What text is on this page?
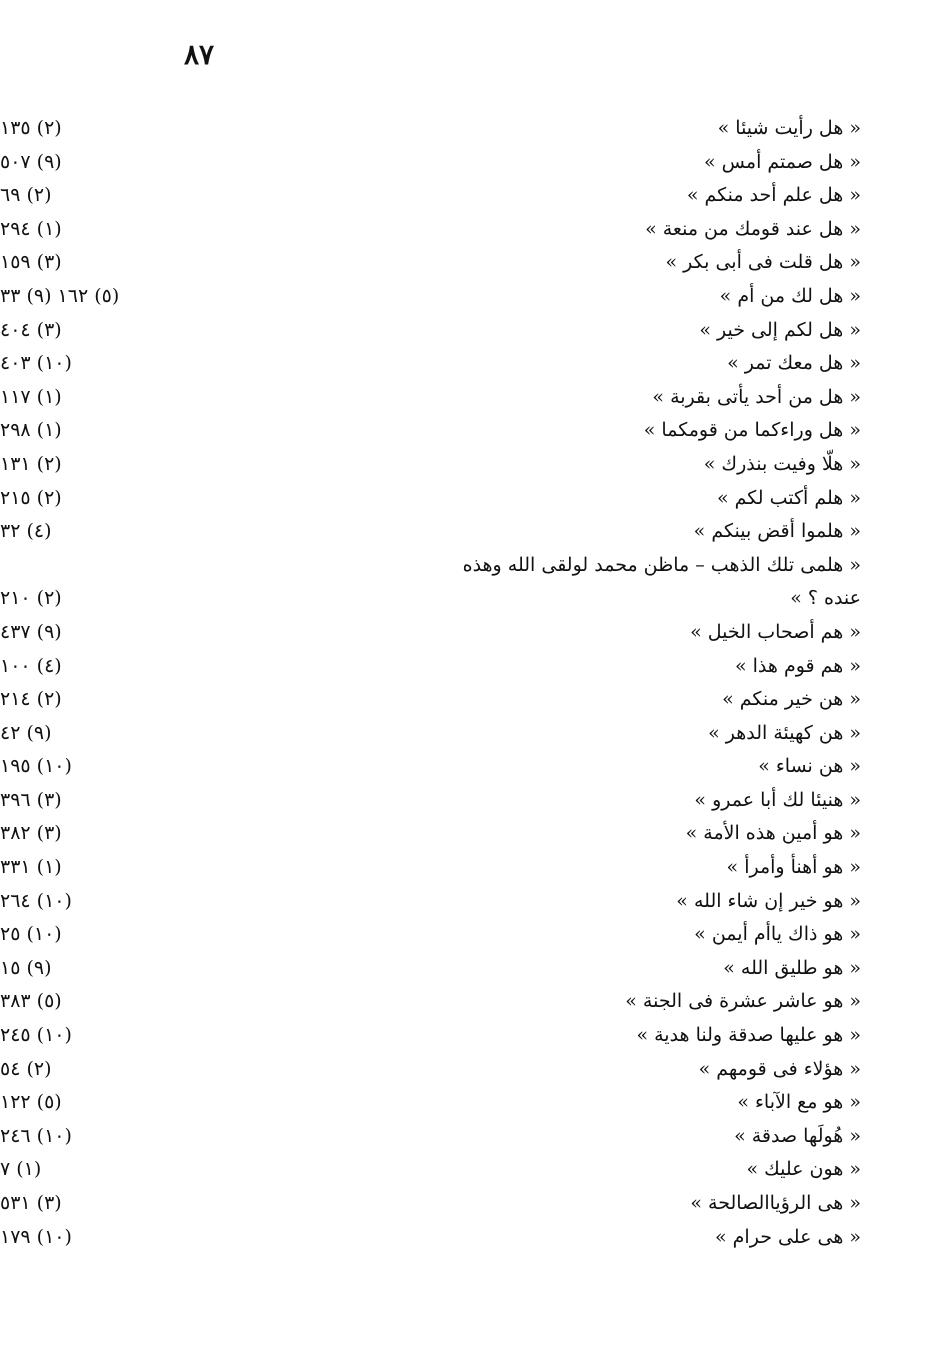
٨٧
« هل رأيت شيئا »
(٢) ١٣٥
« هل صمتم أمس »
(٩) ٥٠٧
« هل علم أحد منكم »
(٢) ٦٩
« هل عند قومك من منعة »
(١) ٢٩٤
« هل قلت فى أبى بكر »
(٣) ١٥٩
« هل لك من أم »
(٥) ١٦٢ (٩) ٣٣
« هل لكم إلى خير »
(٣) ٤٠٤
« هل معك تمر »
(١٠) ٤٠٣
« هل من أحد يأتى بقربة »
(١) ١١٧
« هل وراءكما من قومكما »
(١) ٢٩٨
« هلّا وفيت بنذرك »
(٢) ١٣١
« هلم أكتب لكم »
(٢) ٢١٥
« هلموا أقض بينكم »
(٤) ٣٢
« هلمى تلك الذهب – ماظن محمد لولقى الله وهذه عنده ؟ »
(٢) ٢١٠
« هم أصحاب الخيل »
(٩) ٤٣٧
« هم قوم هذا »
(٤) ١٠٠
« هن خير منكم »
(٢) ٢١٤
« هن كهيئة الدهر »
(٩) ٤٢
« هن نساء »
(١٠) ١٩٥
« هنيئا لك أبا عمرو »
(٣) ٣٩٦
« هو أمين هذه الأمة »
(٣) ٣٨٢
« هو أهنأ وأمرأ »
(١) ٣٣١
« هو خير إن شاء الله »
(١٠) ٢٦٤
« هو ذاك ياأم أيمن »
(١٠) ٢٥
« هو طليق الله »
(٩) ١٥
« هو عاشر عشرة فى الجنة »
(٥) ٣٨٣
« هو عليها صدقة ولنا هدية »
(١٠) ٢٤٥
« هؤلاء فى قومهم »
(٢) ٥٤
« هو مع الآباء »
(٥) ١٢٢
« هُولَها صدقة »
(١٠) ٢٤٦
« هون عليك »
(١) ٧
« هى الرؤياالصالحة »
(٣) ٥٣١
« هى على حرام »
(١٠) ١٧٩
